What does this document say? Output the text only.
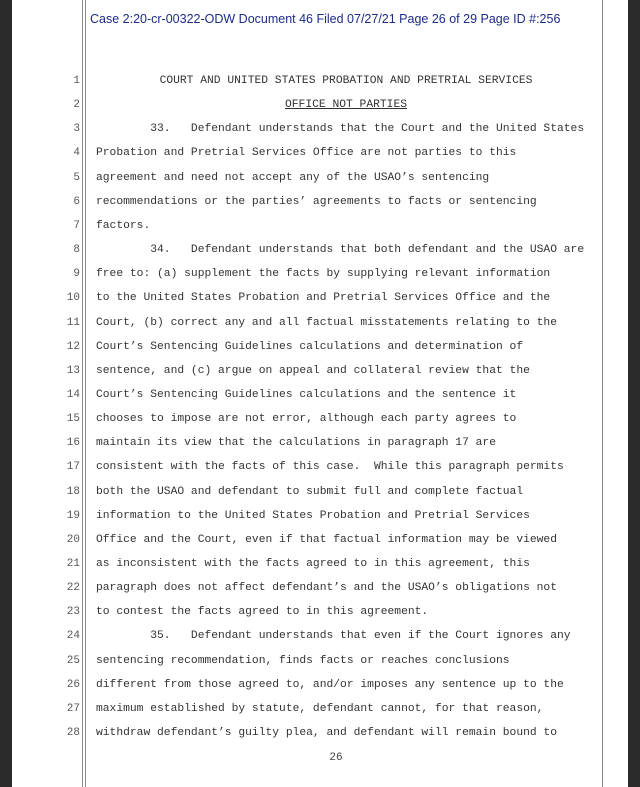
Case 2:20-cr-00322-ODW Document 46 Filed 07/27/21 Page 26 of 29 Page ID #:256
26
1	COURT AND UNITED STATES PROBATION AND PRETRIAL SERVICES
2	OFFICE NOT PARTIES
3 33.   Defendant understands that the Court and the United States
4 Probation and Pretrial Services Office are not parties to this
5 agreement and need not accept any of the USAO’s sentencing
6 recommendations or the parties’ agreements to facts or sentencing
7 factors.
8 34.   Defendant understands that both defendant and the USAO are
9 free to: (a) supplement the facts by supplying relevant information
10 to the United States Probation and Pretrial Services Office and the
11 Court, (b) correct any and all factual misstatements relating to the
12 Court’s Sentencing Guidelines calculations and determination of
13 sentence, and (c) argue on appeal and collateral review that the
14 Court’s Sentencing Guidelines calculations and the sentence it
15 chooses to impose are not error, although each party agrees to
16 maintain its view that the calculations in paragraph 17 are
17 consistent with the facts of this case.  While this paragraph permits
18 both the USAO and defendant to submit full and complete factual
19 information to the United States Probation and Pretrial Services
20 Office and the Court, even if that factual information may be viewed
21 as inconsistent with the facts agreed to in this agreement, this
22 paragraph does not affect defendant’s and the USAO’s obligations not
23 to contest the facts agreed to in this agreement.
24 35.   Defendant understands that even if the Court ignores any
25 sentencing recommendation, finds facts or reaches conclusions
26 different from those agreed to, and/or imposes any sentence up to the
27 maximum established by statute, defendant cannot, for that reason,
28 withdraw defendant’s guilty plea, and defendant will remain bound to
